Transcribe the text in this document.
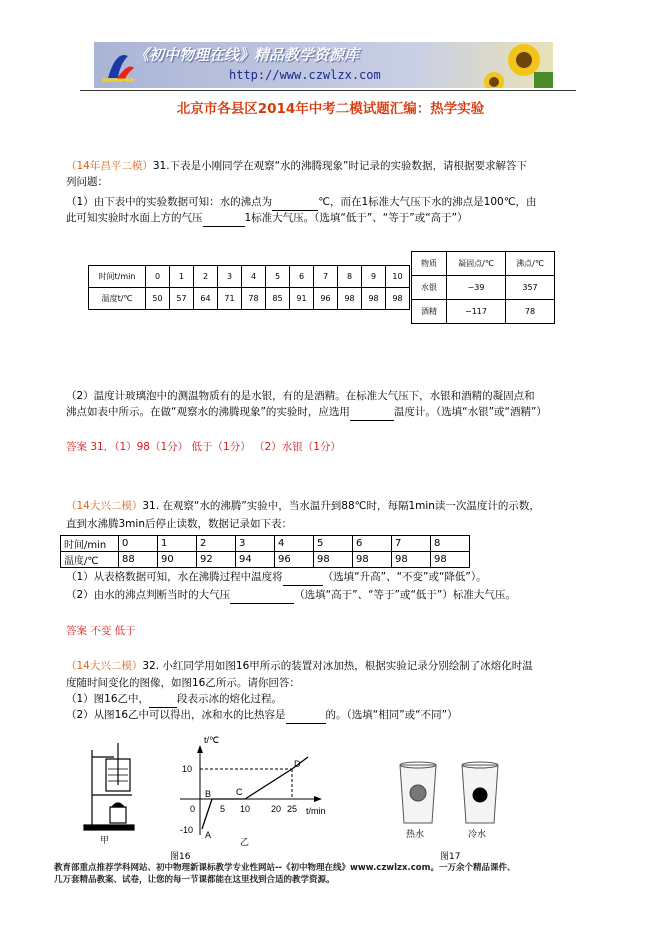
《初中物理在线》精品教学资源库
http://www.czwlzx.com
北京市各县区2014年中考二模试题汇编：热学实验
（14年昌平二模）31.下表是小刚同学在观察“水的沸腾现象”时记录的实验数据，请根据要求解答下
列问题：
（1）由下表中的实验数据可知：水的沸点为	℃，而在1标准大气压下水的沸点是100℃，由
此可知实验时水面上方的气压	1标准大气压。（选填“低于”、“等于”或“高于”）
时间t/min	0	1	2	3	4	5	6	7	8	9	10
温度t/℃	50	57	64	71	78	85	91	96	98	98	98
物质	凝固点/℃	沸点/℃
水银	−39	357
酒精	−117	78
（2）温度计玻璃泡中的测温物质有的是水银，有的是酒精。在标准大气压下，水银和酒精的凝固点和
沸点如表中所示。在做“观察水的沸腾现象”的实验时，应选用	温度计。（选填“水银”或“酒精”）
答案 31．（1）98（1分） 低于（1分） （2）水银（1分）
（14大兴二模）31. 在观察“水的沸腾”实验中，当水温升到88℃时，每隔1min读一次温度计的示数，
直到水沸腾3min后停止读数，数据记录如下表：
时间/min	0	1	2	3	4	5	6	7	8
温度/℃	88	90	92	94	96	98	98	98	98
（1）从表格数据可知，水在沸腾过程中温度将	（选填“升高”、“不变”或“降低”）。
（2）由水的沸点判断当时的大气压	（选填“高于”、“等于”或“低于”）标准大气压。
答案 不变 低于
（14大兴二模）32. 小红同学用如图16甲所示的装置对冰加热，根据实验记录分别绘制了冰熔化时温
度随时间变化的图像，如图16乙所示。请你回答：
（1）图16乙中，	段表示冰的熔化过程。
（2）从图16乙中可以得出，冰和水的比热容是	的。（选填“相同”或“不同”）
甲
t/℃
t/min
10
0
-10
5 10 20 25
A
B	C
D
乙
图16
热水	冷水
图17
教育部重点推荐学科网站、初中物理新课标教学专业性网站--《初中物理在线》www.czwlzx.com。一万余个精品课件、
几万套精品教案、试卷，让您的每一节课都能在这里找到合适的教学资源。
